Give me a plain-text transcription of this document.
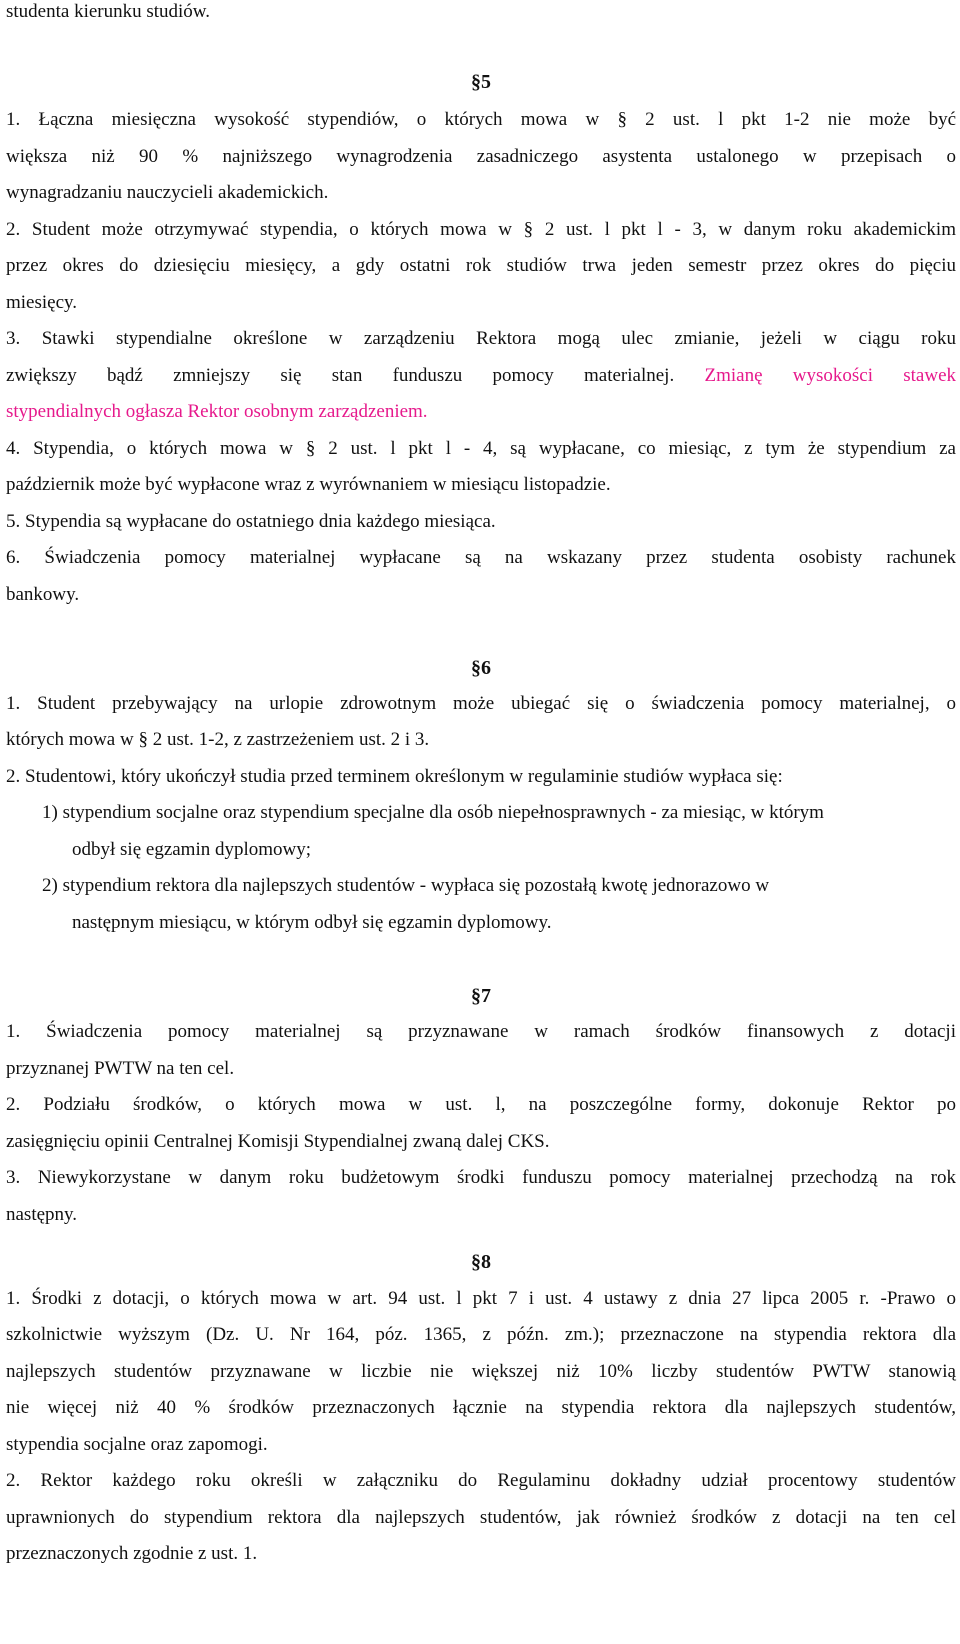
studenta kierunku studiów.
§5
1. Łączna miesięczna wysokość stypendiów, o których mowa w § 2 ust. l pkt 1-2 nie może być
większa niż 90 % najniższego wynagrodzenia zasadniczego asystenta ustalonego w przepisach o
wynagradzaniu nauczycieli akademickich.
2. Student może otrzymywać stypendia, o których mowa w § 2 ust. l pkt l - 3, w danym roku akademickim
przez okres do dziesięciu miesięcy, a gdy ostatni rok studiów trwa jeden semestr przez okres do pięciu
miesięcy.
3. Stawki stypendialne określone w zarządzeniu Rektora mogą ulec zmianie, jeżeli w ciągu roku
zwiększy bądź zmniejszy się stan funduszu pomocy materialnej. Zmianę wysokości stawek
stypendialnych ogłasza Rektor osobnym zarządzeniem.
4. Stypendia, o których mowa w § 2 ust. l pkt l - 4, są wypłacane, co miesiąc, z tym że stypendium za
październik może być wypłacone wraz z wyrównaniem w miesiącu listopadzie.
5. Stypendia są wypłacane do ostatniego dnia każdego miesiąca.
6. Świadczenia pomocy materialnej wypłacane są na wskazany przez studenta osobisty rachunek
bankowy.
§6
1. Student przebywający na urlopie zdrowotnym może ubiegać się o świadczenia pomocy materialnej, o
których mowa w § 2 ust. 1-2, z zastrzeżeniem ust. 2 i 3.
2. Studentowi, który ukończył studia przed terminem określonym w regulaminie studiów wypłaca się:
1) stypendium socjalne oraz stypendium specjalne dla osób niepełnosprawnych - za miesiąc, w którym
odbył się egzamin dyplomowy;
2) stypendium rektora dla najlepszych studentów - wypłaca się pozostałą kwotę jednorazowo w
następnym miesiącu, w którym odbył się egzamin dyplomowy.
§7
1. Świadczenia pomocy materialnej są przyznawane w ramach środków finansowych z dotacji
przyznanej PWTW na ten cel.
2. Podziału środków, o których mowa w ust. l, na poszczególne formy, dokonuje Rektor po
zasięgnięciu opinii Centralnej Komisji Stypendialnej zwaną dalej CKS.
3. Niewykorzystane w danym roku budżetowym środki funduszu pomocy materialnej przechodzą na rok
następny.
§8
1. Środki z dotacji, o których mowa w art. 94 ust. l pkt 7 i ust. 4 ustawy z dnia 27 lipca 2005 r. -Prawo o
szkolnictwie wyższym (Dz. U. Nr 164, póz. 1365, z późn. zm.); przeznaczone na stypendia rektora dla
najlepszych studentów przyznawane w liczbie nie większej niż 10% liczby studentów PWTW stanowią
nie więcej niż 40 % środków przeznaczonych łącznie na stypendia rektora dla najlepszych studentów,
stypendia socjalne oraz zapomogi.
2. Rektor każdego roku określi w załączniku do Regulaminu dokładny udział procentowy studentów
uprawnionych do stypendium rektora dla najlepszych studentów, jak również środków z dotacji na ten cel
przeznaczonych zgodnie z ust. 1.
